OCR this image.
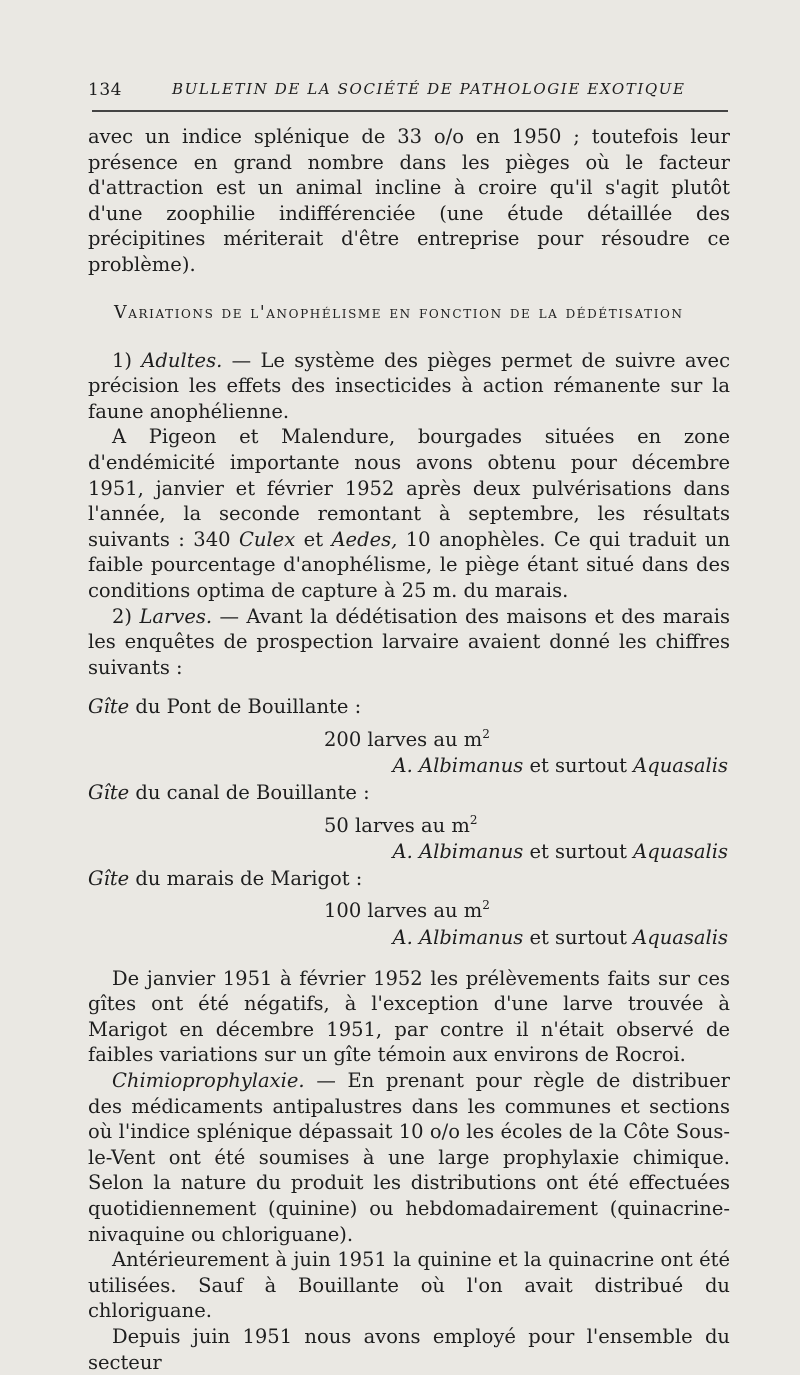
134	BULLETIN DE LA SOCIÉTÉ DE PATHOLOGIE EXOTIQUE

avec un indice splénique de 33 o/o en 1950 ; toutefois leur présence en grand nombre dans les pièges où le facteur d'attraction est un animal incline à croire qu'il s'agit plutôt d'une zoophilie indifférenciée (une étude détaillée des précipitines mériterait d'être entreprise pour résoudre ce problème).

Variations de l'anophélisme en fonction de la dédétisation

1) Adultes. — Le système des pièges permet de suivre avec précision les effets des insecticides à action rémanente sur la faune anophélienne.

A Pigeon et Malendure, bourgades situées en zone d'endémicité importante nous avons obtenu pour décembre 1951, janvier et février 1952 après deux pulvérisations dans l'année, la seconde remontant à septembre, les résultats suivants : 340 Culex et Aedes, 10 anophèles. Ce qui traduit un faible pourcentage d'anophélisme, le piège étant situé dans des conditions optima de capture à 25 m. du marais.

2) Larves. — Avant la dédétisation des maisons et des marais les enquêtes de prospection larvaire avaient donné les chiffres suivants :

Gîte du Pont de Bouillante :
200 larves au $m^2$
A. Albimanus et surtout Aquasalis
Gîte du canal de Bouillante :
50 larves au $m^2$
A. Albimanus et surtout Aquasalis
Gîte du marais de Marigot :
100 larves au $m^2$
A. Albimanus et surtout Aquasalis

De janvier 1951 à février 1952 les prélèvements faits sur ces gîtes ont été négatifs, à l'exception d'une larve trouvée à Marigot en décembre 1951, par contre il n'était observé de faibles variations sur un gîte témoin aux environs de Rocroi.

Chimioprophylaxie. — En prenant pour règle de distribuer des médicaments antipalustres dans les communes et sections où l'indice splénique dépassait 10 o/o les écoles de la Côte Sous-le-Vent ont été soumises à une large prophylaxie chimique. Selon la nature du produit les distributions ont été effectuées quotidiennement (quinine) ou hebdomadairement (quinacrine-nivaquine ou chloriguane).

Antérieurement à juin 1951 la quinine et la quinacrine ont été utilisées. Sauf à Bouillante où l'on avait distribué du chloriguane.

Depuis juin 1951 nous avons employé pour l'ensemble du secteur
